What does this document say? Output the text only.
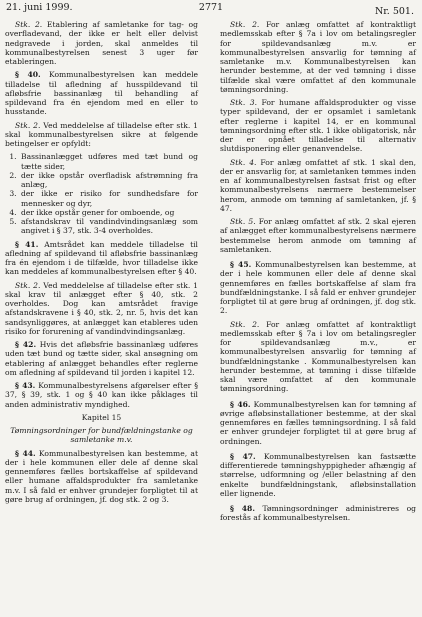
21. juni 1999.	2771	Nr. 501.

Stk. 2. Etablering af samletanke for tag- og overfladevand, der ikke er helt eller delvist nedgravede i jorden, skal anmeldes til kommunalbestyrelsen senest 3 uger før etableringen.

§ 40. Kommunalbestyrelsen kan meddele tilladelse til afledning af husspildevand til afløbsfrie bassinanlæg til behandling af spildevand fra én ejendom med en eller to husstande.

Stk. 2. Ved meddelelse af tilladelse efter stk. 1 skal kommunalbestyrelsen sikre at følgende betingelser er opfyldt:

1. Bassinanlægget udføres med tæt bund og tætte sider,
2. der ikke opstår overfladisk afstrømning fra anlæg,
3. der ikke er risiko for sundhedsfare for mennesker og dyr,
4. der ikke opstår gener for omboende, og
5. afstandskrav til vandindvindingsanlæg som angivet i § 37, stk. 3-4 overholdes.

§ 41. Amtsrådet kan meddele tilladelse til afledning af spildevand til afløbsfrie bassinanlæg fra én ejendom i de tilfælde, hvor tilladelse ikke kan meddeles af kommunalbestyrelsen efter § 40.

Stk. 2. Ved meddelelse af tilladelse efter stk. 1 skal krav til anlægget efter § 40, stk. 2 overholdes. Dog kan amtsrådet fravige afstandskravene i § 40, stk. 2, nr. 5, hvis det kan sandsynliggøres, at anlægget kan etableres uden risiko for forurening af vandindvindingsanlæg.

§ 42. Hvis det afløbsfrie bassinanlæg udføres uden tæt bund og tætte sider, skal ansøgning om etablering af anlægget behandles efter reglerne om afledning af spildevand til jorden i kapitel 12.

§ 43. Kommunalbestyrelsens afgørelser efter § 37, § 39, stk. 1 og § 40 kan ikke påklages til anden administrativ myndighed.

Kapitel 15

Tømningsordninger for bundfældningstanke og samletanke m.v.

§ 44. Kommunalbestyrelsen kan bestemme, at der i hele kommunen eller dele af denne skal gennemføres fælles bortskaffelse af spildevand eller humane affaldsprodukter fra samletanke m.v. I så fald er enhver grundejer forpligtet til at gøre brug af ordningen, jf. dog stk. 2 og 3.

Stk. 2. For anlæg omfattet af kontraktligt medlemsskab efter § 7a i lov om betalingsregler for spildevandsanlæg m.v. er kommunalbestyrelsen ansvarlig for tømning af samletanke m.v. Kommunalbestyrelsen kan herunder bestemme, at der ved tømning i disse tilfælde skal være omfattet af den kommunale tømningsordning.

Stk. 3. For humane affaldsprodukter og visse typer spildevand, der er opsamlet i samletank efter reglerne i kapitel 14, er en kommunal tømningsordning efter stk. 1 ikke obligatorisk, når der er opnået tilladelse til alternativ slutdisponering eller genanvendelse.

Stk. 4. For anlæg omfattet af stk. 1 skal den, der er ansvarlig for, at samletanken tømmes inden en af kommunalbestyrelsen fastsat frist og efter kommunalbestyrelsens nærmere bestemmelser herom, anmode om tømning af samletanken, jf. § 47.

Stk. 5. For anlæg omfattet af stk. 2 skal ejeren af anlægget efter kommunalbestyrelsens nærmere bestemmelse herom anmode om tømning af samletanken.

§ 45. Kommunalbestyrelsen kan bestemme, at der i hele kommunen eller dele af denne skal gennemføres en fælles bortskaffelse af slam fra bundfældningstanke. I så fald er enhver grundejer forpligtet til at gøre brug af ordningen, jf. dog stk. 2.

Stk. 2. For anlæg omfattet af kontraktligt medlemsskab efter § 7a i lov om betalingsregler for spildevandsanlæg m.v., er kommunalbestyrelsen ansvarlig for tømning af bundfældningstanke . Kommunalbestyrelsen kan herunder bestemme, at tømning i disse tilfælde skal være omfattet af den kommunale tømningsordning.

§ 46. Kommunalbestyrelsen kan for tømning af øvrige afløbsinstallationer bestemme, at der skal gennemføres en fælles tømningsordning. I så fald er enhver grundejer forpligtet til at gøre brug af ordningen.

§ 47. Kommunalbestyrelsen kan fastsætte differentierede tømningshyppigheder afhængig af størrelse, udformning og /eller belastning af den enkelte bundfældningstank, afløbsinstallation eller lignende.

§ 48. Tømningsordninger administreres og forestås af kommunalbestyrelsen.
